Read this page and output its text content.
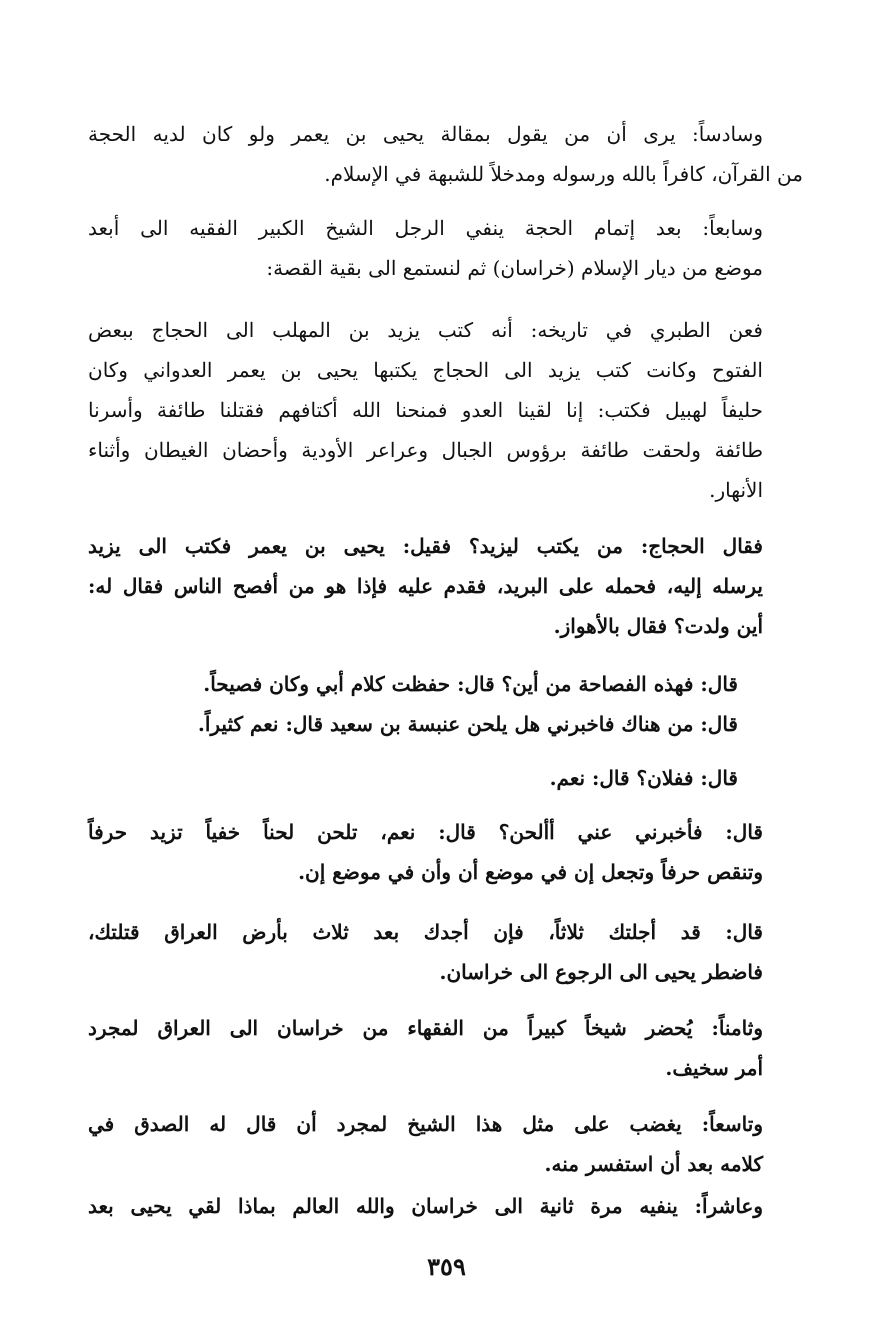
وسادساً: يرى أن من يقول بمقالة يحيى بن يعمر ولو كان لديه الحجة
من القرآن، كافراً بالله ورسوله ومدخلاً للشبهة في الإسلام.
وسابعاً: بعد إتمام الحجة ينفي الرجل الشيخ الكبير الفقيه الى أبعد
موضع من ديار الإسلام (خراسان) ثم لنستمع الى بقية القصة:
فعن الطبري في تاريخه: أنه كتب يزيد بن المهلب الى الحجاج ببعض
الفتوح وكانت كتب يزيد الى الحجاج يكتبها يحيى بن يعمر العدواني وكان
حليفاً لهبيل فكتب: إنا لقينا العدو فمنحنا الله أكتافهم فقتلنا طائفة وأسرنا
طائفة ولحقت طائفة برؤوس الجبال وعراعر الأودية وأحضان الغيطان وأثناء
الأنهار.
فقال الحجاج: من يكتب ليزيد؟ فقيل: يحيى بن يعمر فكتب الى يزيد
يرسله إليه، فحمله على البريد، فقدم عليه فإذا هو من أفصح الناس فقال له:
أين ولدت؟ فقال بالأهواز.
قال: فهذه الفصاحة من أين؟ قال: حفظت كلام أبي وكان فصيحاً.
قال: من هناك فاخبرني هل يلحن عنبسة بن سعيد قال: نعم كثيراً.
قال: ففلان؟ قال: نعم.
قال: فأخبرني عني أألحن؟ قال: نعم، تلحن لحناً خفياً تزيد حرفاً
وتنقص حرفاً وتجعل إن في موضع أن وأن في موضع إن.
قال: قد أجلتك ثلاثاً، فإن أجدك بعد ثلاث بأرض العراق قتلتك،
فاضطر يحيى الى الرجوع الى خراسان.
وثامناً: يُحضر شيخاً كبيراً من الفقهاء من خراسان الى العراق لمجرد
أمر سخيف.
وتاسعاً: يغضب على مثل هذا الشيخ لمجرد أن قال له الصدق في
كلامه بعد أن استفسر منه.
وعاشراً: ينفيه مرة ثانية الى خراسان والله العالم بماذا لقي يحيى بعد
٣٥٩
